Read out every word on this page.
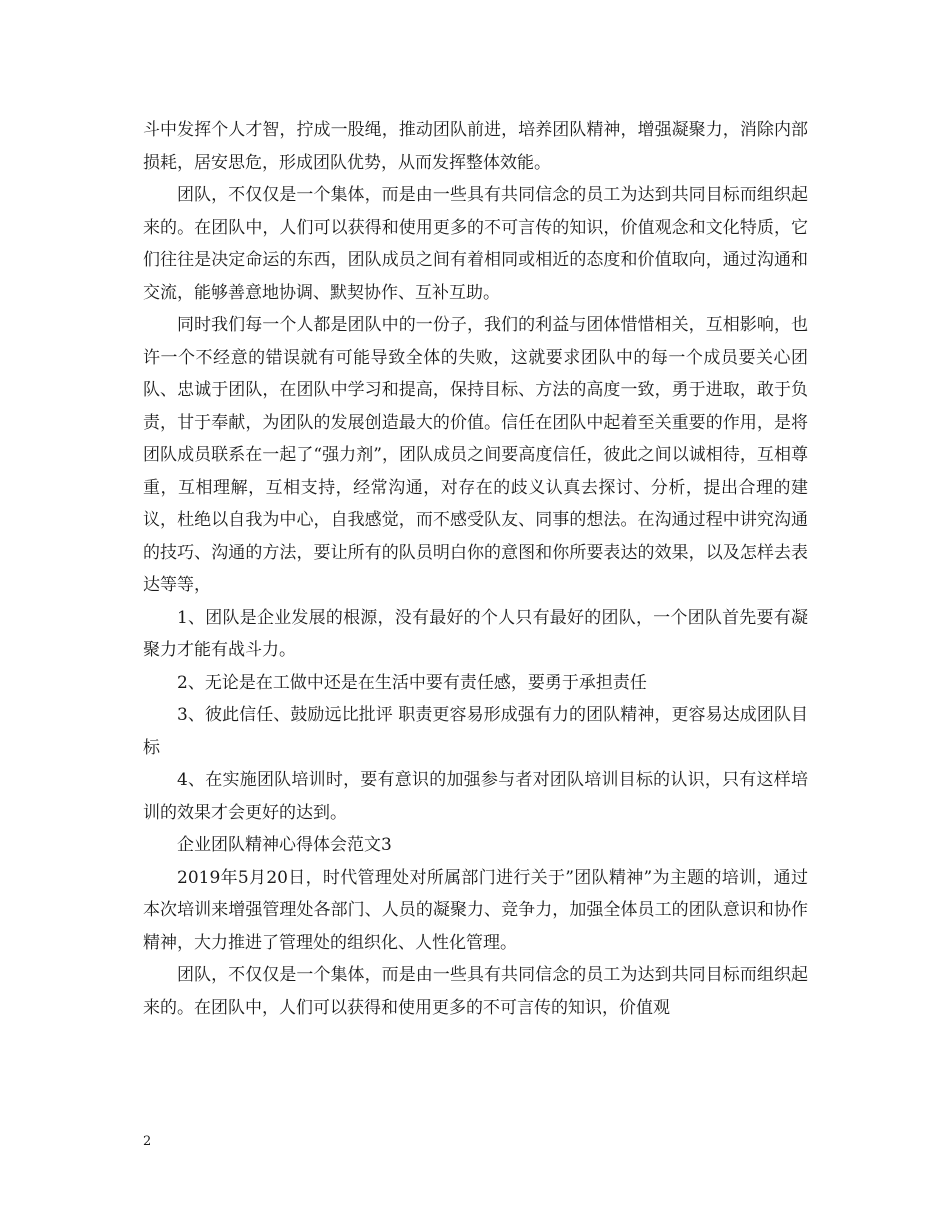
斗中发挥个人才智，拧成一股绳，推动团队前进，培养团队精神，增强凝聚力，消除内部损耗，居安思危，形成团队优势，从而发挥整体效能。

团队，不仅仅是一个集体，而是由一些具有共同信念的员工为达到共同目标而组织起来的。在团队中，人们可以获得和使用更多的不可言传的知识，价值观念和文化特质，它们往往是决定命运的东西，团队成员之间有着相同或相近的态度和价值取向，通过沟通和交流，能够善意地协调、默契协作、互补互助。

同时我们每一个人都是团队中的一份子，我们的利益与团体惜惜相关，互相影响，也许一个不经意的错误就有可能导致全体的失败，这就要求团队中的每一个成员要关心团队、忠诚于团队，在团队中学习和提高，保持目标、方法的高度一致，勇于进取，敢于负责，甘于奉献，为团队的发展创造最大的价值。信任在团队中起着至关重要的作用，是将团队成员联系在一起了“强力剂”，团队成员之间要高度信任，彼此之间以诚相待，互相尊重，互相理解，互相支持，经常沟通，对存在的歧义认真去探讨、分析，提出合理的建议，杜绝以自我为中心，自我感觉，而不感受队友、同事的想法。在沟通过程中讲究沟通的技巧、沟通的方法，要让所有的队员明白你的意图和你所要表达的效果，以及怎样去表达等等，

1、团队是企业发展的根源，没有最好的个人只有最好的团队，一个团队首先要有凝聚力才能有战斗力。

2、无论是在工做中还是在生活中要有责任感，要勇于承担责任

3、彼此信任、鼓励远比批评 职责更容易形成强有力的团队精神，更容易达成团队目标

4、在实施团队培训时，要有意识的加强参与者对团队培训目标的认识，只有这样培训的效果才会更好的达到。

企业团队精神心得体会范文3

2019年5月20日，时代管理处对所属部门进行关于”团队精神”为主题的培训，通过本次培训来增强管理处各部门、人员的凝聚力、竞争力，加强全体员工的团队意识和协作精神，大力推进了管理处的组织化、人性化管理。

团队，不仅仅是一个集体，而是由一些具有共同信念的员工为达到共同目标而组织起来的。在团队中，人们可以获得和使用更多的不可言传的知识，价值观

2
